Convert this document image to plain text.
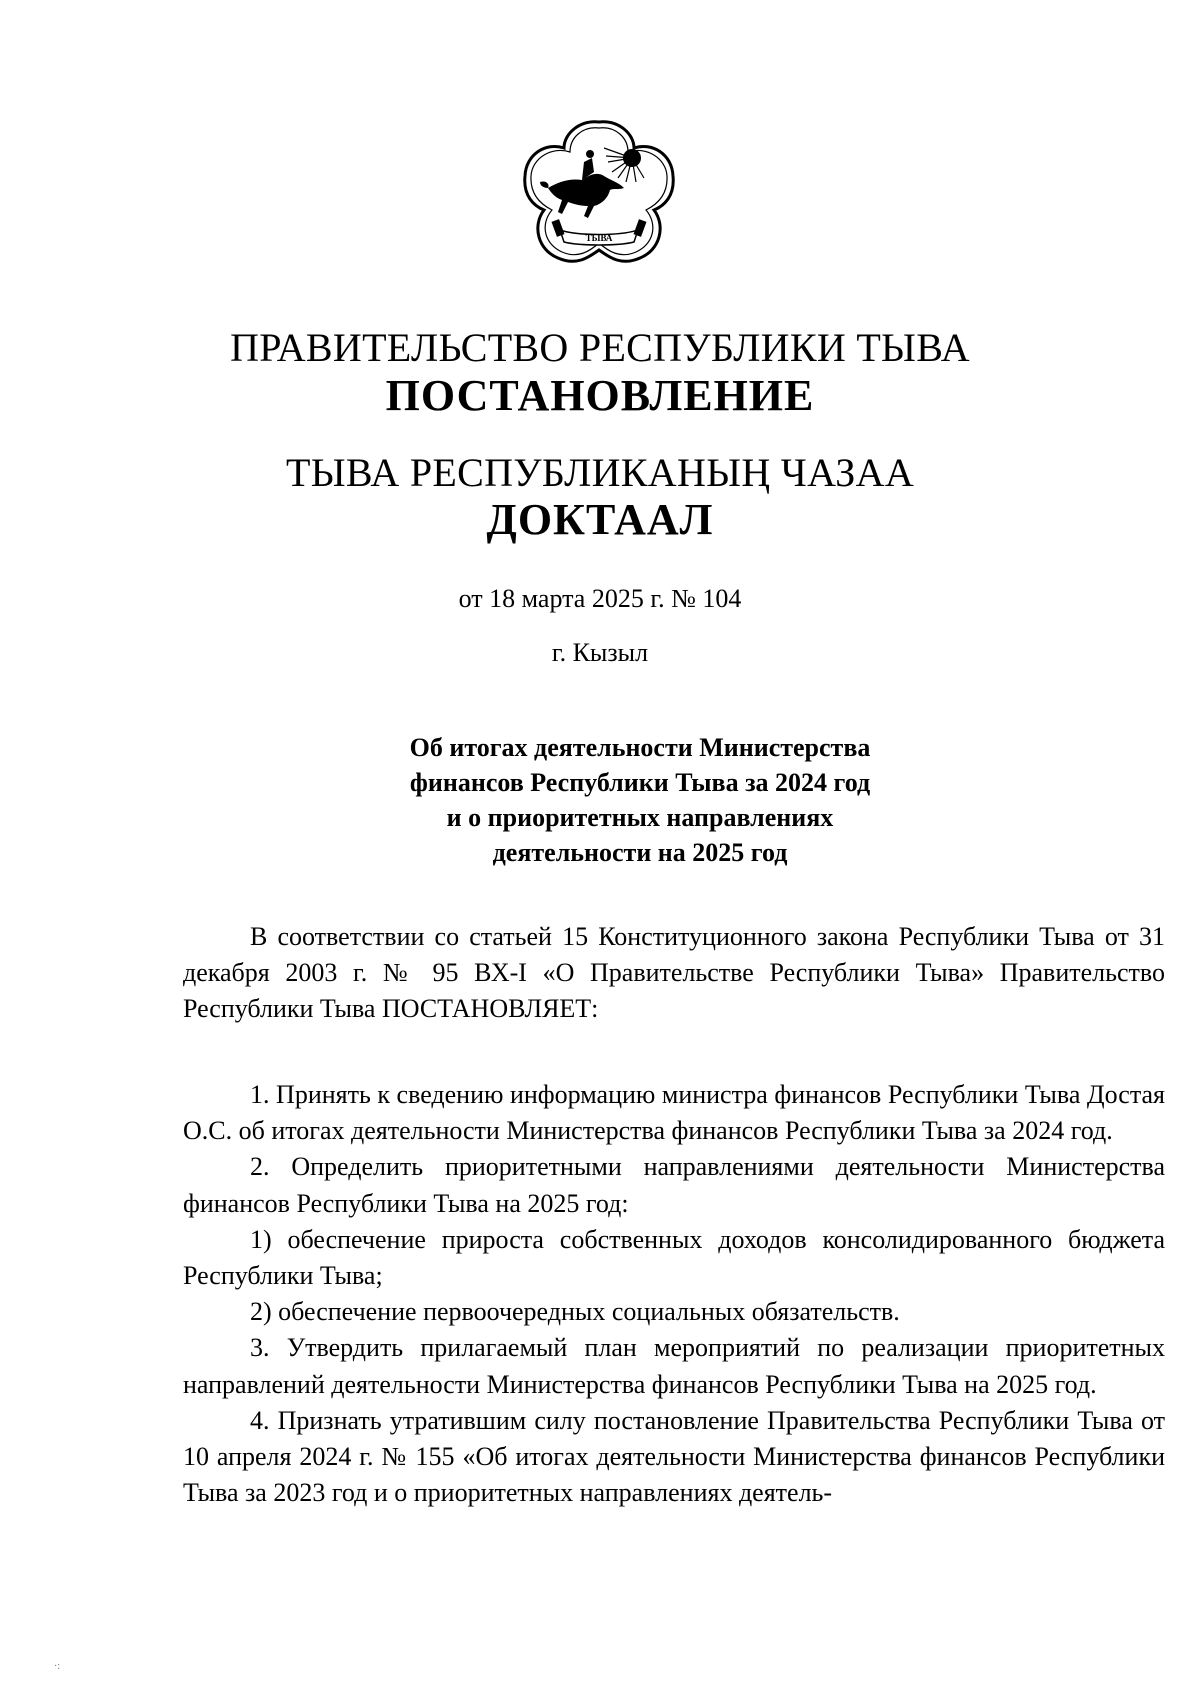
ТЫВА
ПРАВИТЕЛЬСТВО РЕСПУБЛИКИ ТЫВА
ПОСТАНОВЛЕНИЕ
ТЫВА РЕСПУБЛИКАНЫҢ ЧАЗАА
ДОКТААЛ
от 18 марта 2025 г. № 104
г. Кызыл
Об итогах деятельности Министерства
финансов Республики Тыва за 2024 год
и о приоритетных направлениях
деятельности на 2025 год

В соответствии со статьей 15 Конституционного закона Республики Тыва от 31 декабря 2003 г. № 95 ВХ-I «О Правительстве Республики Тыва» Правительство Республики Тыва ПОСТАНОВЛЯЕТ:

1. Принять к сведению информацию министра финансов Республики Тыва Достая О.С. об итогах деятельности Министерства финансов Республики Тыва за 2024 год.

2. Определить приоритетными направлениями деятельности Министерства финансов Республики Тыва на 2025 год:

1) обеспечение прироста собственных доходов консолидированного бюджета Республики Тыва;

2) обеспечение первоочередных социальных обязательств.

3. Утвердить прилагаемый план мероприятий по реализации приоритетных направлений деятельности Министерства финансов Республики Тыва на 2025 год.

4. Признать утратившим силу постановление Правительства Республики Тыва от 10 апреля 2024 г. № 155 «Об итогах деятельности Министерства финансов Республики Тыва за 2023 год и о приоритетных направлениях деятель-

·:
